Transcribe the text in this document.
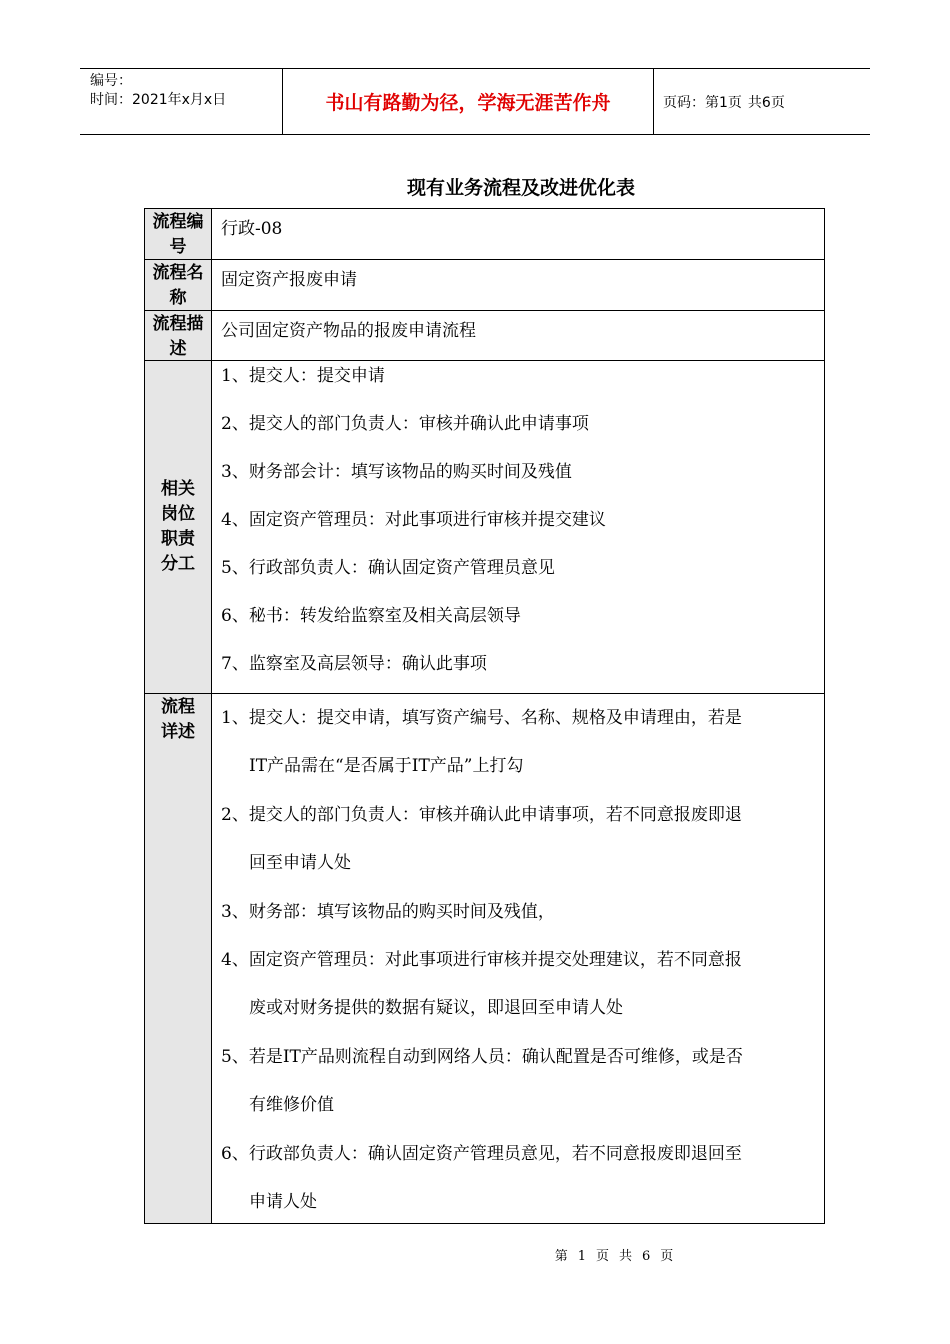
编号：
时间：2021年x月x日	书山有路勤为径，学海无涯苦作舟	页码：第1页 共6页
现有业务流程及改进优化表
流程编号
行政-08
流程名称
固定资产报废申请
流程描述
公司固定资产物品的报废申请流程
相关岗位职责分工
1、提交人：提交申请
2、提交人的部门负责人：审核并确认此申请事项
3、财务部会计：填写该物品的购买时间及残值
4、固定资产管理员：对此事项进行审核并提交建议
5、行政部负责人：确认固定资产管理员意见
6、秘书：转发给监察室及相关高层领导
7、监察室及高层领导：确认此事项
流程详述
1、提交人：提交申请，填写资产编号、名称、规格及申请理由，若是
IT产品需在“是否属于IT产品”上打勾
2、提交人的部门负责人：审核并确认此申请事项，若不同意报废即退
回至申请人处
3、财务部：填写该物品的购买时间及残值，
4、固定资产管理员：对此事项进行审核并提交处理建议，若不同意报
废或对财务提供的数据有疑议，即退回至申请人处
5、若是IT产品则流程自动到网络人员：确认配置是否可维修，或是否
有维修价值
6、行政部负责人：确认固定资产管理员意见，若不同意报废即退回至
申请人处
第 1 页 共 6 页
